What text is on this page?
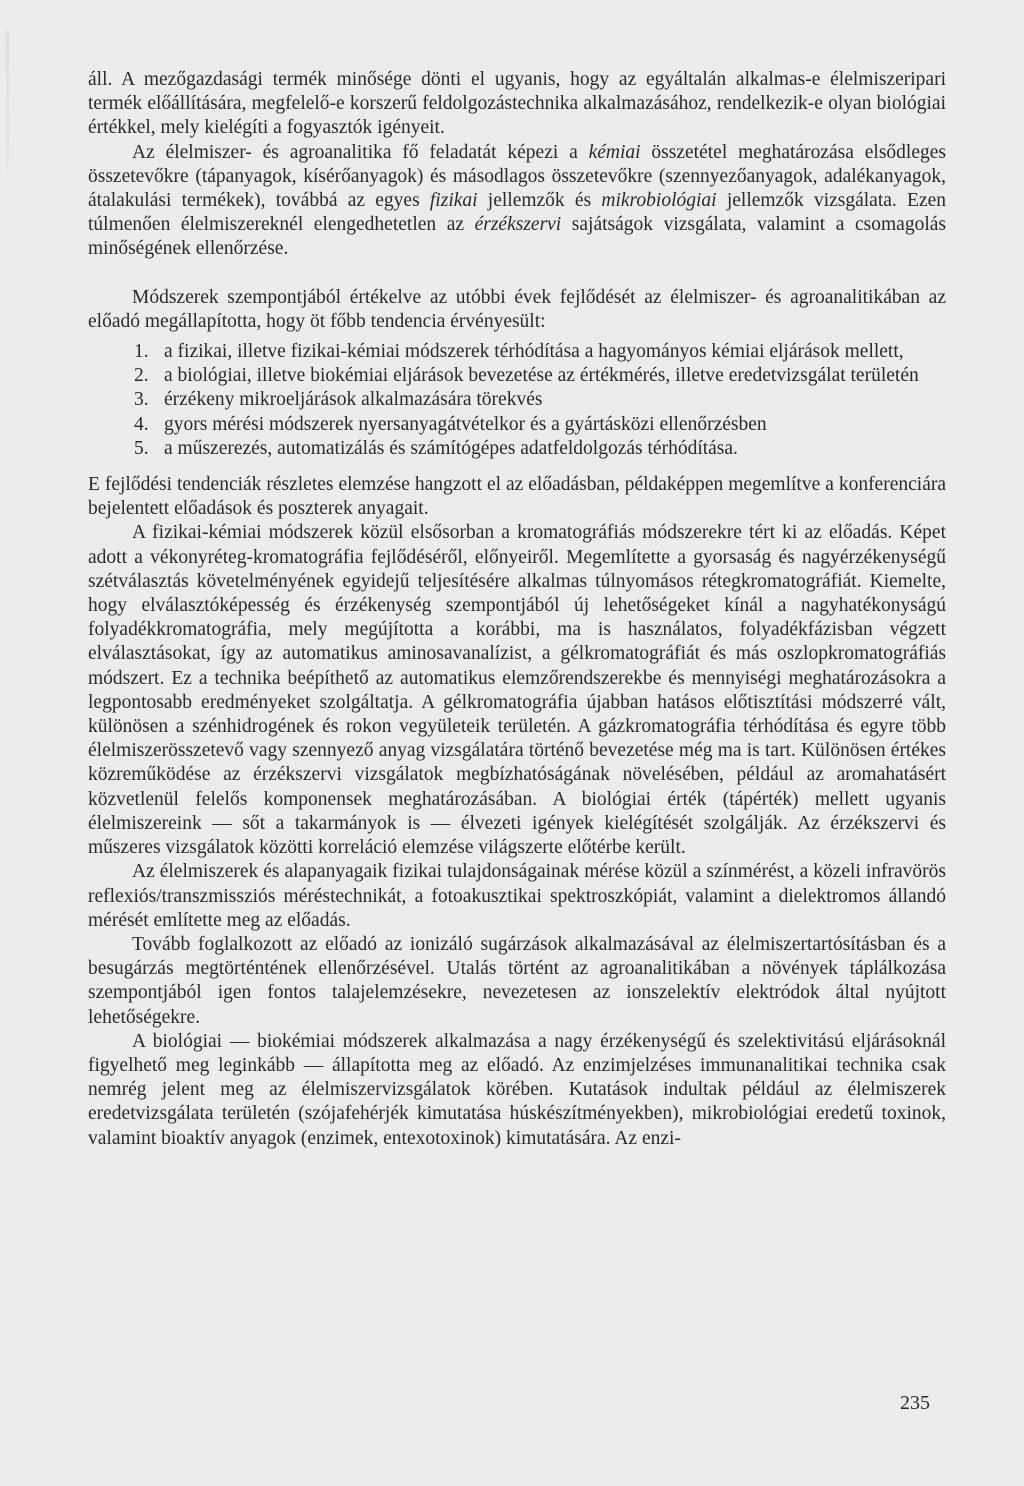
áll. A mezőgazdasági termék minősége dönti el ugyanis, hogy az egyáltalán alkalmas-e élelmiszeripari termék előállítására, megfelelő-e korszerű feldolgozástechnika alkalmazásához, rendelkezik-e olyan biológiai értékkel, mely kielégíti a fogyasztók igényeit.

Az élelmiszer- és agroanalitika fő feladatát képezi a kémiai összetétel meghatározása elsődleges összetevőkre (tápanyagok, kísérőanyagok) és másodlagos összetevőkre (szennyezőanyagok, adalékanyagok, átalakulási termékek), továbbá az egyes fizikai jellemzők és mikrobiológiai jellemzők vizsgálata. Ezen túlmenően élelmiszereknél elengedhetetlen az érzékszervi sajátságok vizsgálata, valamint a csomagolás minőségének ellenőrzése.

Módszerek szempontjából értékelve az utóbbi évek fejlődését az élelmiszer- és agroanalitikában az előadó megállapította, hogy öt főbb tendencia érvényesült:

1. a fizikai, illetve fizikai-kémiai módszerek térhódítása a hagyományos kémiai eljárások mellett,
2. a biológiai, illetve biokémiai eljárások bevezetése az értékmérés, illetve eredetvizsgálat területén
3. érzékeny mikroeljárások alkalmazására törekvés
4. gyors mérési módszerek nyersanyagátvételkor és a gyártásközi ellenőrzésben
5. a műszerezés, automatizálás és számítógépes adatfeldolgozás térhódítása.

E fejlődési tendenciák részletes elemzése hangzott el az előadásban, példaképpen megemlítve a konferenciára bejelentett előadások és poszterek anyagait.

A fizikai-kémiai módszerek közül elsősorban a kromatográfiás módszerekre tért ki az előadás. Képet adott a vékonyréteg-kromatográfia fejlődéséről, előnyeiről. Megemlítette a gyorsaság és nagyérzékenységű szétválasztás követelményének egyidejű teljesítésére alkalmas túlnyomásos rétegkromatográfiát. Kiemelte, hogy elválasztóképesség és érzékenység szempontjából új lehetőségeket kínál a nagyhatékonyságú folyadékkromatográfia, mely megújította a korábbi, ma is használatos, folyadékfázisban végzett elválasztásokat, így az automatikus aminosavanalízist, a gélkromatográfiát és más oszlopkromatográfiás módszert. Ez a technika beépíthető az automatikus elemzőrendszerekbe és mennyiségi meghatározásokra a legpontosabb eredményeket szolgáltatja. A gélkromatográfia újabban hatásos előtisztítási módszerré vált, különösen a szénhidrogének és rokon vegyületeik területén. A gázkromatográfia térhódítása és egyre több élelmiszerösszetevő vagy szennyező anyag vizsgálatára történő bevezetése még ma is tart. Különösen értékes közreműködése az érzékszervi vizsgálatok megbízhatóságának növelésében, például az aromahatásért közvetlenül felelős komponensek meghatározásában. A biológiai érték (tápérték) mellett ugyanis élelmiszereink — sőt a takarmányok is — élvezeti igények kielégítését szolgálják. Az érzékszervi és műszeres vizsgálatok közötti korreláció elemzése világszerte előtérbe került.

Az élelmiszerek és alapanyagaik fizikai tulajdonságainak mérése közül a színmérést, a közeli infravörös reflexiós/transzmissziós méréstechnikát, a fotoakusztikai spektroszkópiát, valamint a dielektromos állandó mérését említette meg az előadás.

Tovább foglalkozott az előadó az ionizáló sugárzások alkalmazásával az élelmiszertartósításban és a besugárzás megtörténtének ellenőrzésével. Utalás történt az agroanalitikában a növények táplálkozása szempontjából igen fontos talajelemzésekre, nevezetesen az ionszelektív elektródok által nyújtott lehetőségekre.

A biológiai — biokémiai módszerek alkalmazása a nagy érzékenységű és szelektivitású eljárásoknál figyelhető meg leginkább — állapította meg az előadó. Az enzimjelzéses immunanalitikai technika csak nemrég jelent meg az élelmiszervizsgálatok körében. Kutatások indultak például az élelmiszerek eredetvizsgálata területén (szójafehérjék kimutatása húskészítményekben), mikrobiológiai eredetű toxinok, valamint bioaktív anyagok (enzimek, entexotoxinok) kimutatására. Az enzi-

235
